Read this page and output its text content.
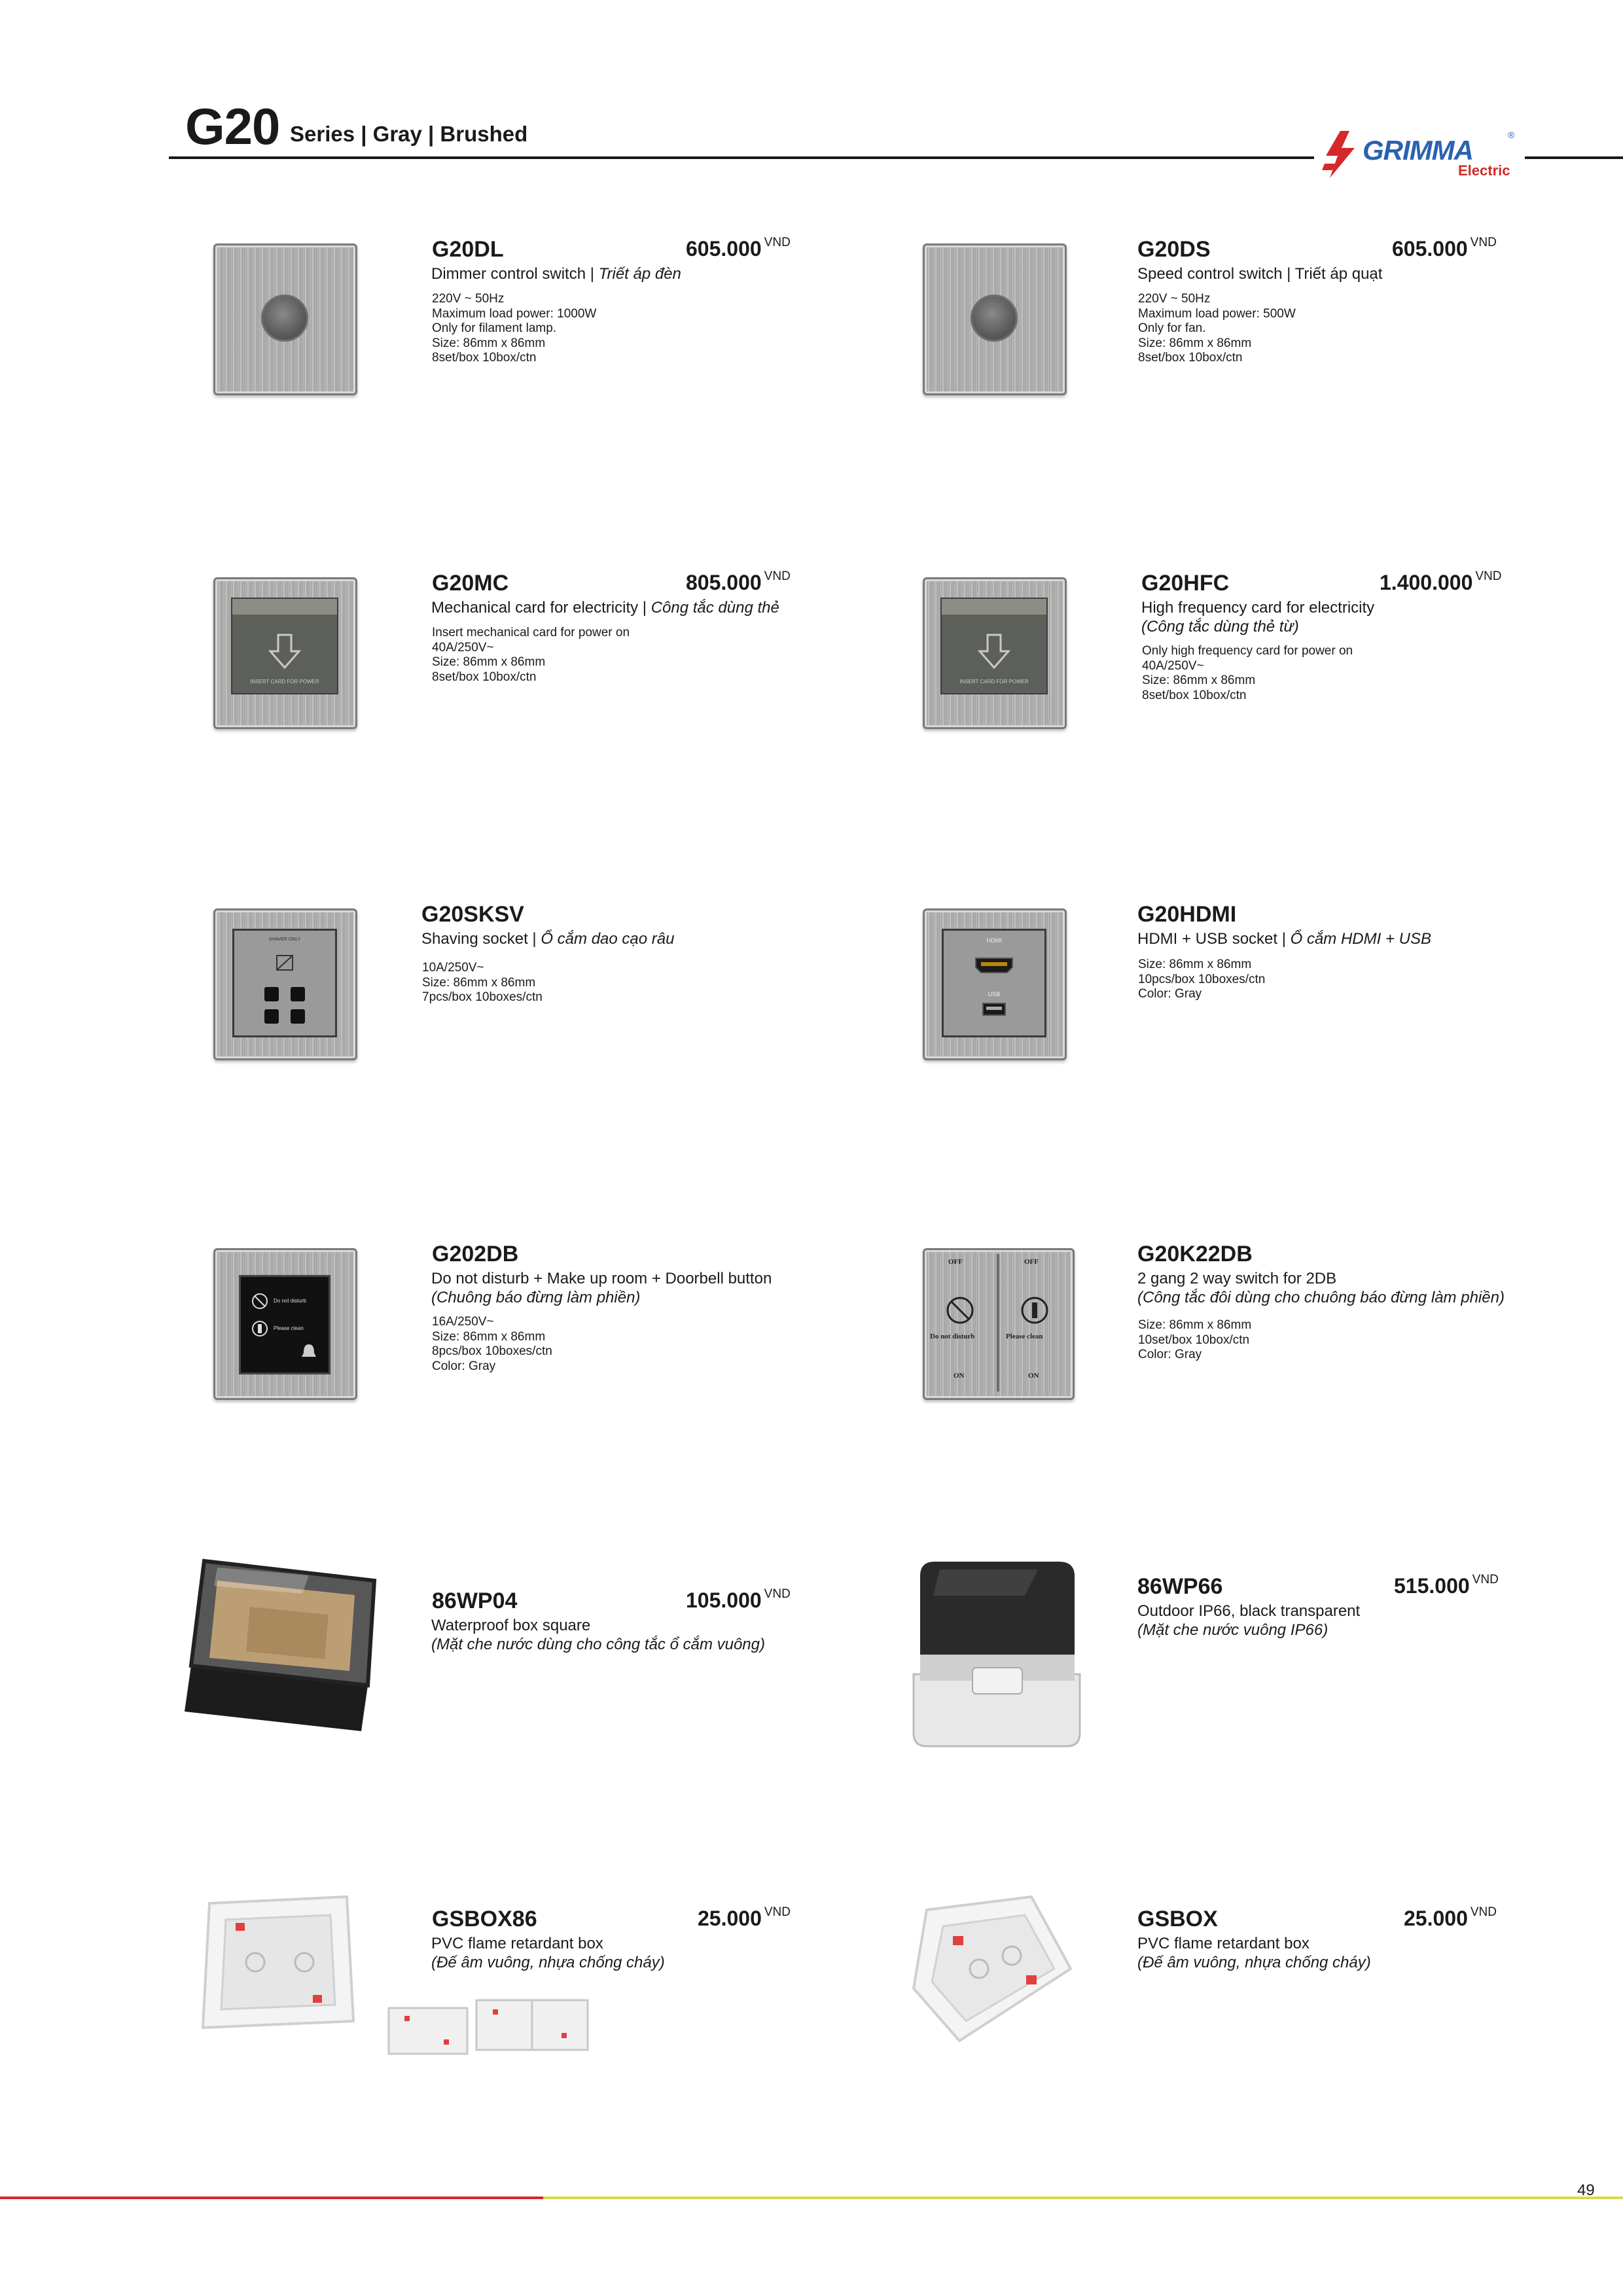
G20 Series | Gray | Brushed
GRIMMA	®
Electric
G20DL	605.000 $^{VND}$
Dimmer control switch | Triết áp đèn
220V ~ 50Hz
Maximum load power: 1000W
Only for filament lamp.
Size: 86mm x 86mm
8set/box 10box/ctn
G20DS	605.000 $^{VND}$
Speed control switch | Triết áp quạt
220V ~ 50Hz
Maximum load power: 500W
Only for fan.
Size: 86mm x 86mm
8set/box 10box/ctn
INSERT CARD FOR POWER
G20MC	805.000 $^{VND}$
Mechanical card for electricity | Công tắc dùng thẻ
Insert mechanical card for power on
40A/250V~
Size: 86mm x 86mm
8set/box 10box/ctn	INSERT CARD FOR POWER
G20HFC	1.400.000 $^{VND}$
High frequency card for electricity
(Công tắc dùng thẻ từ)
Only high frequency card for power on
40A/250V~
Size: 86mm x 86mm
8set/box 10box/ctn
SHAVER ONLY
G20SKSV
Shaving socket | Ổ cắm dao cạo râu
10A/250V~
Size: 86mm x 86mm
7pcs/box 10boxes/ctn
HDMI
USB
G20HDMI
HDMI + USB socket | Ổ cắm HDMI + USB
Size: 86mm x 86mm
10pcs/box 10boxes/ctn
Color: Gray
Do not disturb
Please clean
G202DB
Do not disturb + Make up room + Doorbell button
(Chuông báo đừng làm phiền)
16A/250V~
Size: 86mm x 86mm
8pcs/box 10boxes/ctn
Color: Gray
OFF	OFF
Do not disturb	Please clean
ON	ON
G20K22DB
2 gang 2 way switch for 2DB
(Công tắc đôi dùng cho chuông báo đừng làm phiền)
Size: 86mm x 86mm
10set/box 10box/ctn
Color: Gray
86WP04	105.000 $^{VND}$
Waterproof box square
(Mặt che nước dùng cho công tắc ổ cắm vuông)
86WP66	515.000 $^{VND}$
Outdoor IP66, black transparent
(Mặt che nước vuông IP66)
GSBOX86	25.000 $^{VND}$
PVC flame retardant box
(Đế âm vuông, nhựa chống cháy)
GSBOX	25.000 $^{VND}$
PVC flame retardant box
(Đế âm vuông, nhựa chống cháy)
49
